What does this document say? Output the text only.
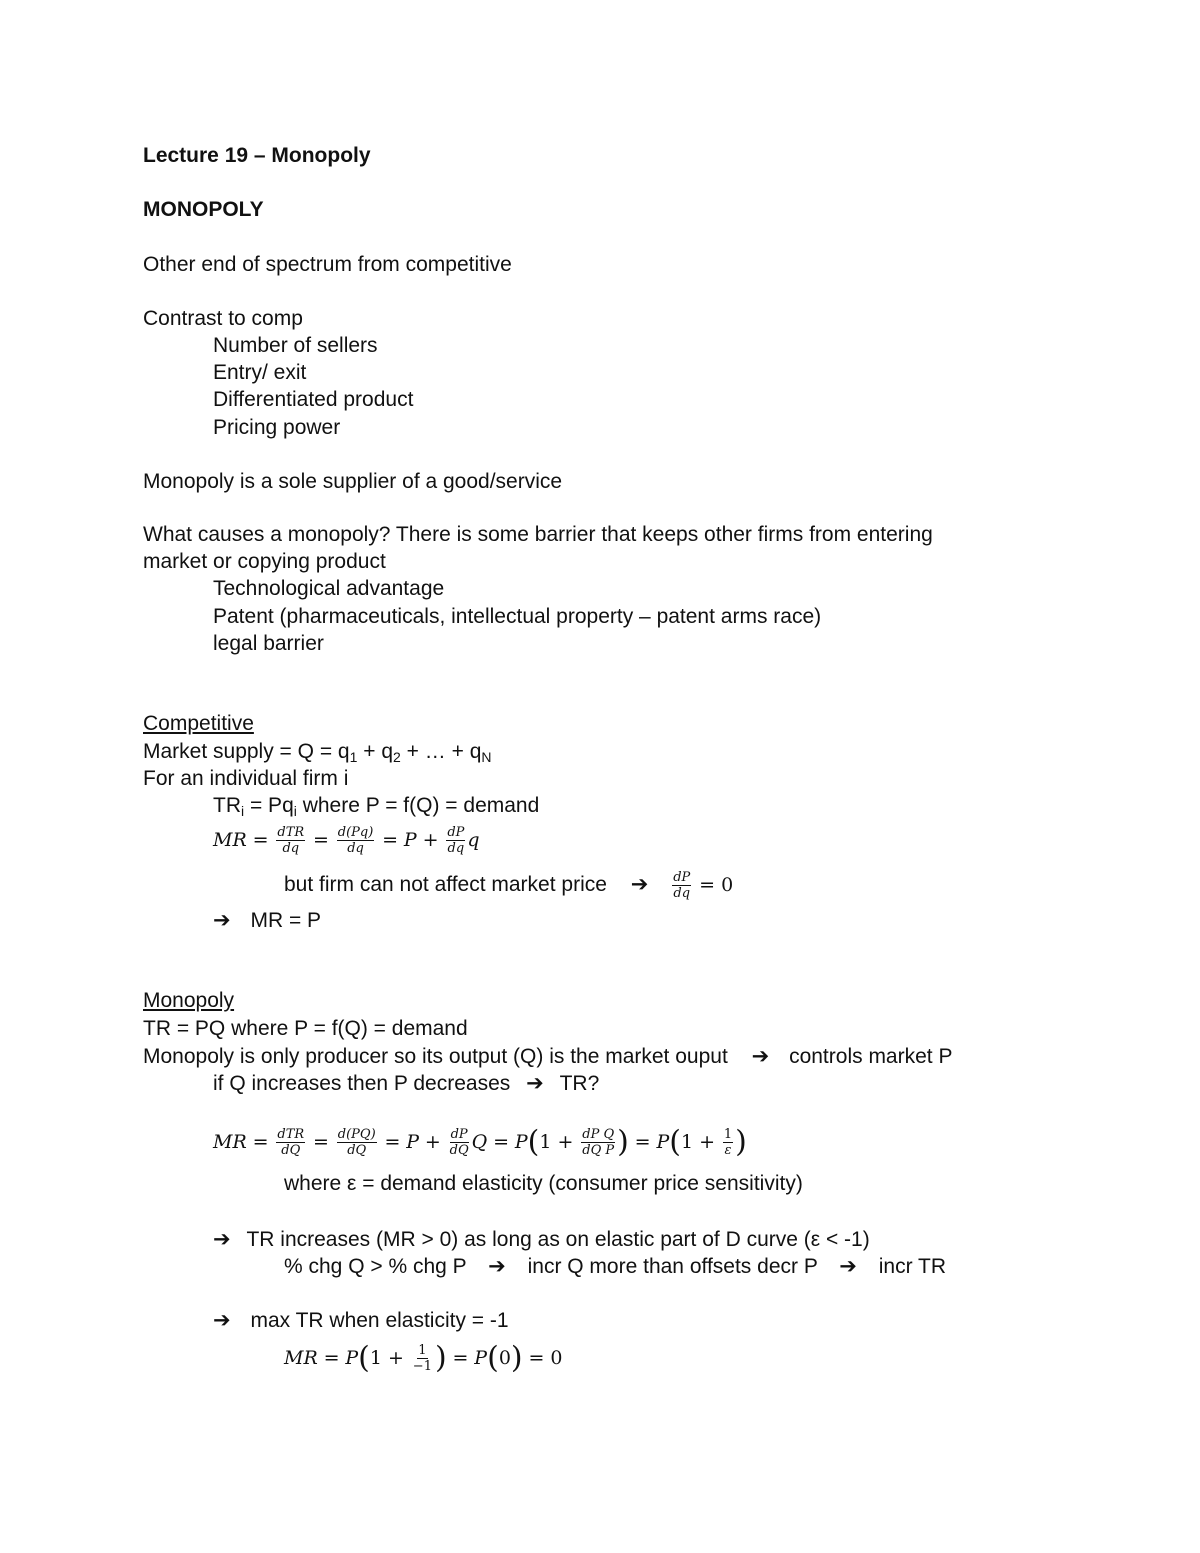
Lecture 19 – Monopoly
MONOPOLY
Other end of spectrum from competitive
Contrast to comp
Number of sellers
Entry/ exit
Differentiated product
Pricing power
Monopoly is a sole supplier of a good/service
What causes a monopoly? There is some barrier that keeps other firms from entering
market or copying product
Technological advantage
Patent (pharmaceuticals, intellectual property – patent arms race)
legal barrier
Competitive
Market supply = $Q = q_1 + q_2$ + … + $q_N$
For an individual firm i
$TR_i = Pq_i$ where P = f(Q) = demand
MR = $\frac{\text{dTR}}{dq} = \frac{d(Pq)}{dq} = P + \frac{dP}{dq}$ q
but firm can not affect market price ➔ $\frac{dP}{dq} = 0$
➔ MR = P
Monopoly
TR = PQ where P = f(Q) = demand
Monopoly is only producer so its output (Q) is the market ouput ➔ controls market P
if Q increases then P decreases ➔ TR?
MR = $\frac{\text{dTR}}{dQ} = \frac{d(PQ)}{dQ} = P + \frac{dP}{dQ}$ $Q = P(1 + \frac{\text{dP Q}}{\text{dQ P}}$ ) = $P(1 + \frac{1}{\varepsilon}$ )
where ε = demand elasticity (consumer price sensitivity)
➔ TR increases (MR > 0) as long as on elastic part of D curve (ε < -1)
% chg Q > % chg P ➔ incr Q more than offsets decr P ➔ incr TR
➔ max TR when elasticity = -1
MR = $P(1 + \frac{1}{-1}$ ) = P(0) = 0
